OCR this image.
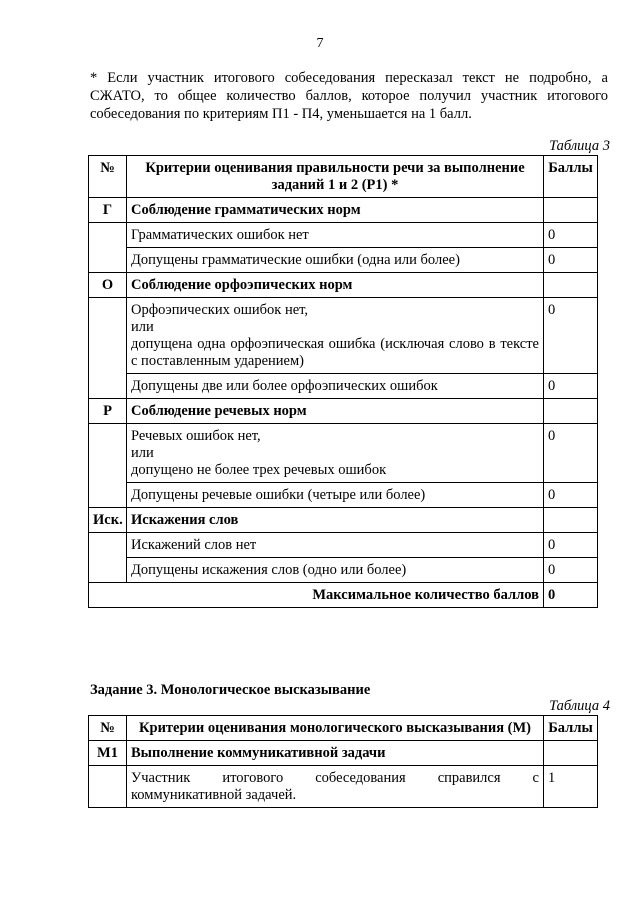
7
* Если участник итогового собеседования пересказал текст не подробно, а СЖАТО, то общее количество баллов, которое получил участник итогового собеседования по критериям П1 - П4, уменьшается на 1 балл.
Таблица 3
№	Критерии оценивания правильности речи за выполнение заданий 1 и 2 (Р1) *	Баллы
Г	Соблюдение грамматических норм	
	Грамматических ошибок нет	0
	Допущены грамматические ошибки (одна или более)	0
О	Соблюдение орфоэпических норм	

	Орфоэпических ошибок нет,
или
допущена одна орфоэпическая ошибка (исключая слово в тексте с поставленным ударением)	0
	Допущены две или более орфоэпических ошибок	0
Р	Соблюдение речевых норм	

	Речевых ошибок нет,
или
допущено не более трех речевых ошибок	0
	Допущены речевые ошибки (четыре или более)	0
Иск.	Искажения слов	
	Искажений слов нет	0
	Допущены искажения слов (одно или более)	0
Максимальное количество баллов		0
Задание 3. Монологическое высказывание
Таблица 4
№	Критерии оценивания монологического высказывания (М)	Баллы
М1	Выполнение коммуникативной задачи	
	Участник итогового собеседования справился с коммуникативной задачей.	1
